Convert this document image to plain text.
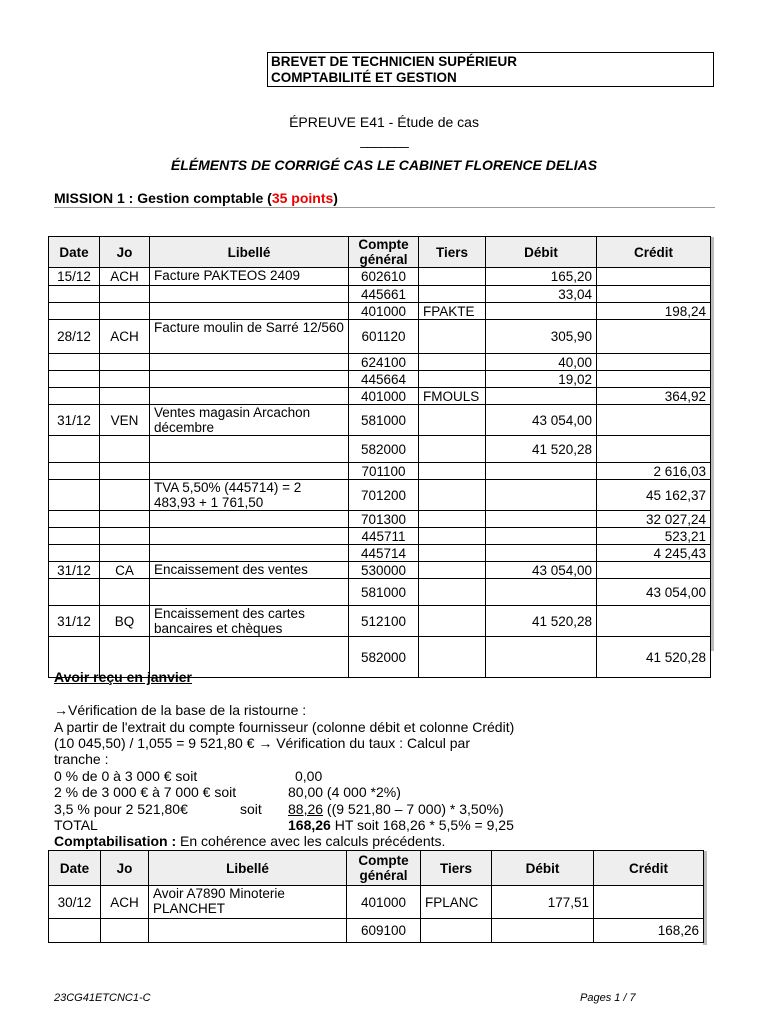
BREVET DE TECHNICIEN SUPÉRIEUR
COMPTABILITÉ ET GESTION
ÉPREUVE E41 - Étude de cas
_______
ÉLÉMENTS DE CORRIGÉ CAS LE CABINET FLORENCE DELIAS
MISSION 1 : Gestion comptable (35 points)
Date	Jo	Libellé	Compte général	Tiers	Débit	Crédit
15/12	ACH	Facture PAKTEOS 2409	602610		165,20	
			445661		33,04	
			401000	FPAKTE		198,24
28/12	ACH	Facture moulin de Sarré 12/560	601120		305,90	
			624100		40,00	
			445664		19,02	
			401000	FMOULS		364,92
31/12	VEN	Ventes magasin Arcachon décembre	581000		43 054,00	
			582000		41 520,28	
			701100			2 616,03
		TVA 5,50% (445714) = 2 483,93 + 1 761,50	701200			45 162,37
			701300			32 027,24
			445711			523,21
			445714			4 245,43
31/12	CA	Encaissement des ventes	530000		43 054,00	
			581000			43 054,00
31/12	BQ	Encaissement des cartes bancaires et chèques	512100		41 520,28	
			582000			41 520,28
Avoir reçu en janvier
→Vérification de la base de la ristourne :
A partir de l'extrait du compte fournisseur (colonne débit et colonne Crédit)
(10 045,50) / 1,055 = 9 521,80 € → Vérification du taux : Calcul par
tranche :
0 % de 0 à 3 000 € soit	0,00
2 % de 3 000 € à 7 000 € soit	80,00 (4 000 *2%)
3,5 % pour 2 521,80€	soit 88,26 ((9 521,80 – 7 000) * 3,50%)
TOTAL	168,26 HT soit 168,26 * 5,5% = 9,25
Comptabilisation : En cohérence avec les calculs précédents.
Date	Jo	Libellé	Compte général	Tiers	Débit	Crédit
30/12	ACH	Avoir A7890 Minoterie PLANCHET	401000	FPLANC	177,51	
			609100			168,26
23CG41ETCNC1-C	Pages 1 / 7
